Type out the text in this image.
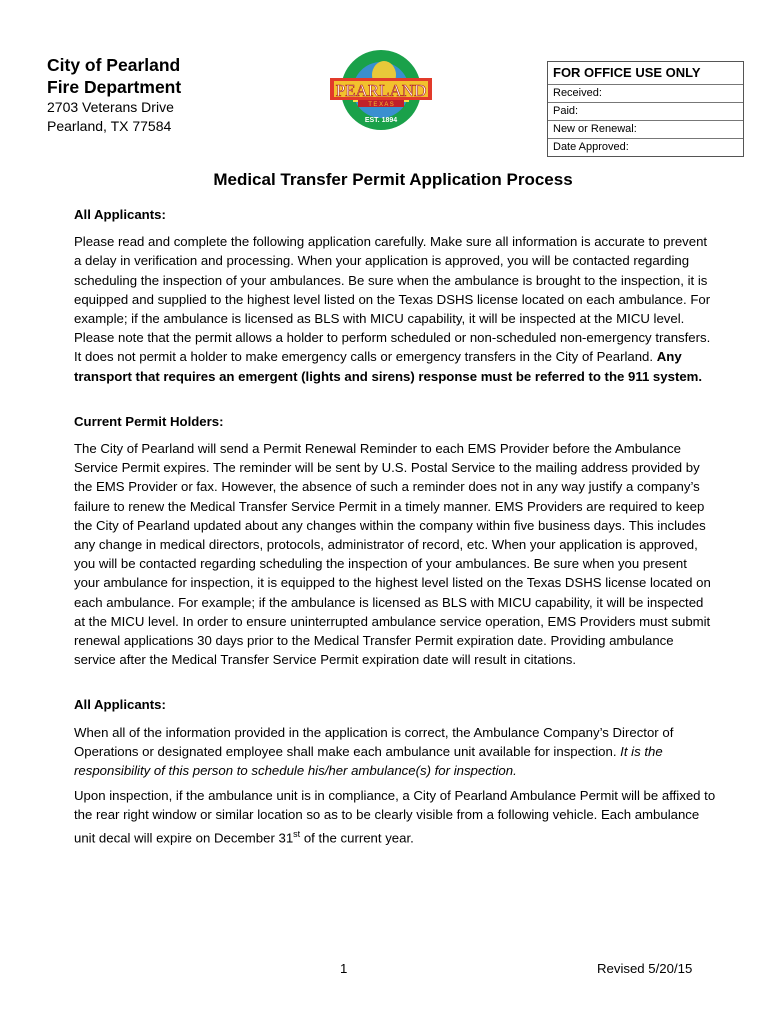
City of Pearland
Fire Department
2703 Veterans Drive
Pearland, TX 77584
PEARLAND
T E X A S
EST. 1894
FOR OFFICE USE ONLY
Received:
Paid:
New or Renewal:
Date Approved:
Medical Transfer Permit Application Process
All Applicants:

Please read and complete the following application carefully. Make sure all information is accurate to prevent a delay in verification and processing. When your application is approved, you will be contacted regarding scheduling the inspection of your ambulances. Be sure when the ambulance is brought to the inspection, it is equipped and supplied to the highest level listed on the Texas DSHS license located on each ambulance. For example; if the ambulance is licensed as BLS with MICU capability, it will be inspected at the MICU level. Please note that the permit allows a holder to perform scheduled or non-scheduled non-emergency transfers. It does not permit a holder to make emergency calls or emergency transfers in the City of Pearland. Any transport that requires an emergent (lights and sirens) response must be referred to the 911 system.

Current Permit Holders:

The City of Pearland will send a Permit Renewal Reminder to each EMS Provider before the Ambulance Service Permit expires. The reminder will be sent by U.S. Postal Service to the mailing address provided by the EMS Provider or fax. However, the absence of such a reminder does not in any way justify a company’s failure to renew the Medical Transfer Service Permit in a timely manner. EMS Providers are required to keep the City of Pearland updated about any changes within the company within five business days. This includes any change in medical directors, protocols, administrator of record, etc. When your application is approved, you will be contacted regarding scheduling the inspection of your ambulances. Be sure when you present your ambulance for inspection, it is equipped to the highest level listed on the Texas DSHS license located on each ambulance. For example; if the ambulance is licensed as BLS with MICU capability, it will be inspected at the MICU level. In order to ensure uninterrupted ambulance service operation, EMS Providers must submit renewal applications 30 days prior to the Medical Transfer Permit expiration date. Providing ambulance service after the Medical Transfer Service Permit expiration date will result in citations.

All Applicants:

When all of the information provided in the application is correct, the Ambulance Company’s Director of Operations or designated employee shall make each ambulance unit available for inspection. It is the responsibility of this person to schedule his/her ambulance(s) for inspection.

Upon inspection, if the ambulance unit is in compliance, a City of Pearland Ambulance Permit will be affixed to the rear right window or similar location so as to be clearly visible from a following vehicle. Each ambulance unit decal will expire on December 31st of the current year.

1	Revised 5/20/15
